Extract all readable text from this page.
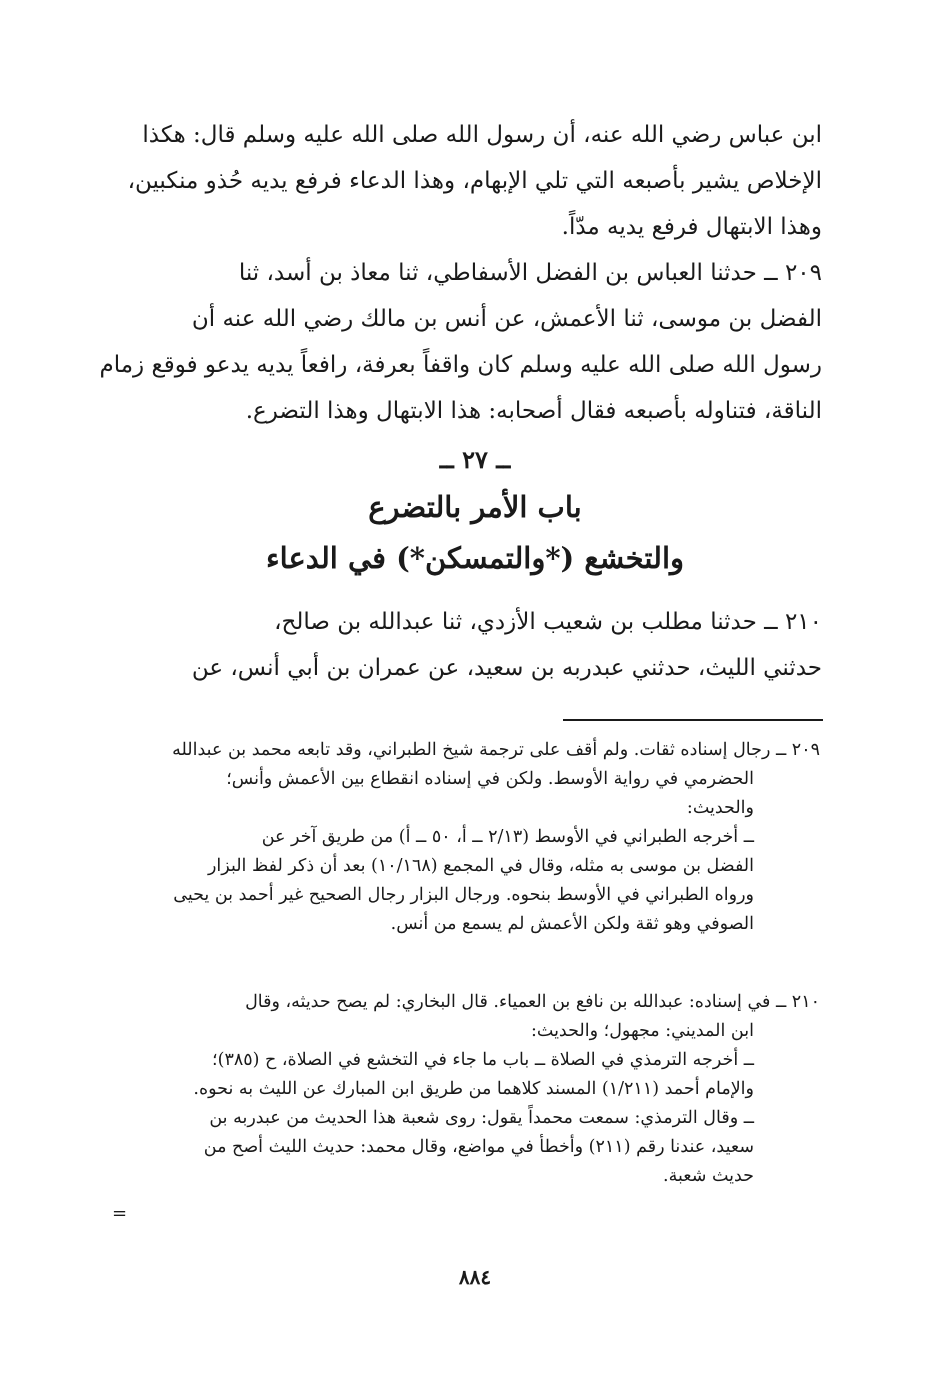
ابن عباس رضي الله عنه، أن رسول الله صلى الله عليه وسلم قال: هكذا
الإخلاص يشير بأصبعه التي تلي الإبهام، وهذا الدعاء فرفع يديه حُذو منكبين،
وهذا الابتهال فرفع يديه مدّاً.
٢٠٩ ــ حدثنا العباس بن الفضل الأسفاطي، ثنا معاذ بن أسد، ثنا
الفضل بن موسى، ثنا الأعمش، عن أنس بن مالك رضي الله عنه أن
رسول الله صلى الله عليه وسلم كان واقفاً بعرفة، رافعاً يديه يدعو فوقع زمام
الناقة، فتناوله بأصبعه فقال أصحابه: هذا الابتهال وهذا التضرع.
ــ ٢٧ ــ
باب الأمر بالتضرع
والتخشع (*والتمسكن*) في الدعاء
٢١٠ ــ حدثنا مطلب بن شعيب الأزدي، ثنا عبدالله بن صالح،
حدثني الليث، حدثني عبدربه بن سعيد، عن عمران بن أبي أنس، عن
٢٠٩ ــ رجال إسناده ثقات. ولم أقف على ترجمة شيخ الطبراني، وقد تابعه محمد بن عبدالله
الحضرمي في رواية الأوسط. ولكن في إسناده انقطاع بين الأعمش وأنس؛
والحديث:
ــ أخرجه الطبراني في الأوسط (٢/١٣ ــ أ، ٥٠ ــ أ) من طريق آخر عن
الفضل بن موسى به مثله، وقال في المجمع (١٠/١٦٨) بعد أن ذكر لفظ البزار
ورواه الطبراني في الأوسط بنحوه. ورجال البزار رجال الصحيح غير أحمد بن يحيى
الصوفي وهو ثقة ولكن الأعمش لم يسمع من أنس.
٢١٠ ــ في إسناده: عبدالله بن نافع بن العمياء. قال البخاري: لم يصح حديثه، وقال
ابن المديني: مجهول؛ والحديث:
ــ أخرجه الترمذي في الصلاة ــ باب ما جاء في التخشع في الصلاة، ح (٣٨٥)؛
والإمام أحمد (١/٢١١) المسند كلاهما من طريق ابن المبارك عن الليث به نحوه.
ــ وقال الترمذي: سمعت محمداً يقول: روى شعبة هذا الحديث من عبدربه بن
سعيد، عندنا رقم (٢١١) وأخطأ في مواضع، وقال محمد: حديث الليث أصح من
حديث شعبة.
=
٨٨٤
